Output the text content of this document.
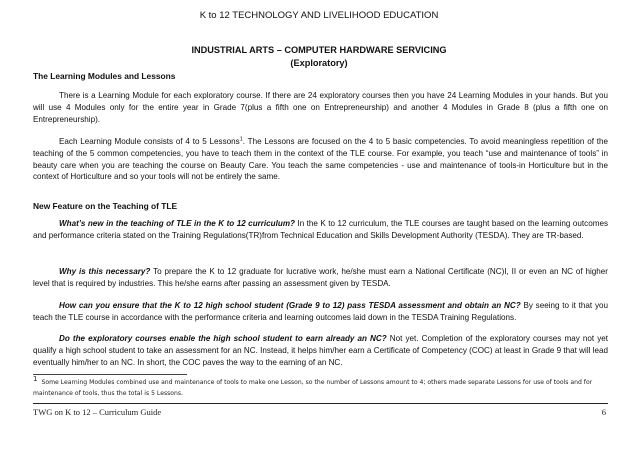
K to 12 TECHNOLOGY AND LIVELIHOOD EDUCATION
INDUSTRIAL ARTS – COMPUTER HARDWARE SERVICING
(Exploratory)
The Learning Modules and Lessons
There is a Learning Module for each exploratory course. If there are 24 exploratory courses then you have 24 Learning Modules in your hands. But you will use 4 Modules only for the entire year in Grade 7(plus a fifth one on Entrepreneurship) and another 4 Modules in Grade 8 (plus a fifth one on Entrepreneurship).
Each Learning Module consists of 4 to 5 Lessons$^1$. The Lessons are focused on the 4 to 5 basic competencies. To avoid meaningless repetition of the teaching of the 5 common competencies, you have to teach them in the context of the TLE course. For example, you teach “use and maintenance of tools” in beauty care when you are teaching the course on Beauty Care. You teach the same competencies - use and maintenance of tools-in Horticulture but in the context of Horticulture and so your tools will not be entirely the same.
New Feature on the Teaching of TLE
What’s new in the teaching of TLE in the K to 12 curriculum? In the K to 12 curriculum, the TLE courses are taught based on the learning outcomes and performance criteria stated on the Training Regulations(TR)from Technical Education and Skills Development Authority (TESDA). They are TR-based.
Why is this necessary? To prepare the K to 12 graduate for lucrative work, he/she must earn a National Certificate (NC)I, II or even an NC of higher level that is required by industries. This he/she earns after passing an assessment given by TESDA.
How can you ensure that the K to 12 high school student (Grade 9 to 12) pass TESDA assessment and obtain an NC? By seeing to it that you teach the TLE course in accordance with the performance criteria and learning outcomes laid down in the TESDA Training Regulations.
Do the exploratory courses enable the high school student to earn already an NC? Not yet. Completion of the exploratory courses may not yet qualify a high school student to take an assessment for an NC. Instead, it helps him/her earn a Certificate of Competency (COC) at least in Grade 9 that will lead eventually him/her to an NC. In short, the COC paves the way to the earning of an NC.
1 Some Learning Modules combined use and maintenance of tools to make one Lesson, so the number of Lessons amount to 4; others made separate Lessons for use of tools and for maintenance of tools, thus the total is 5 Lessons.
TWG on K to 12 – Curriculum Guide	6
